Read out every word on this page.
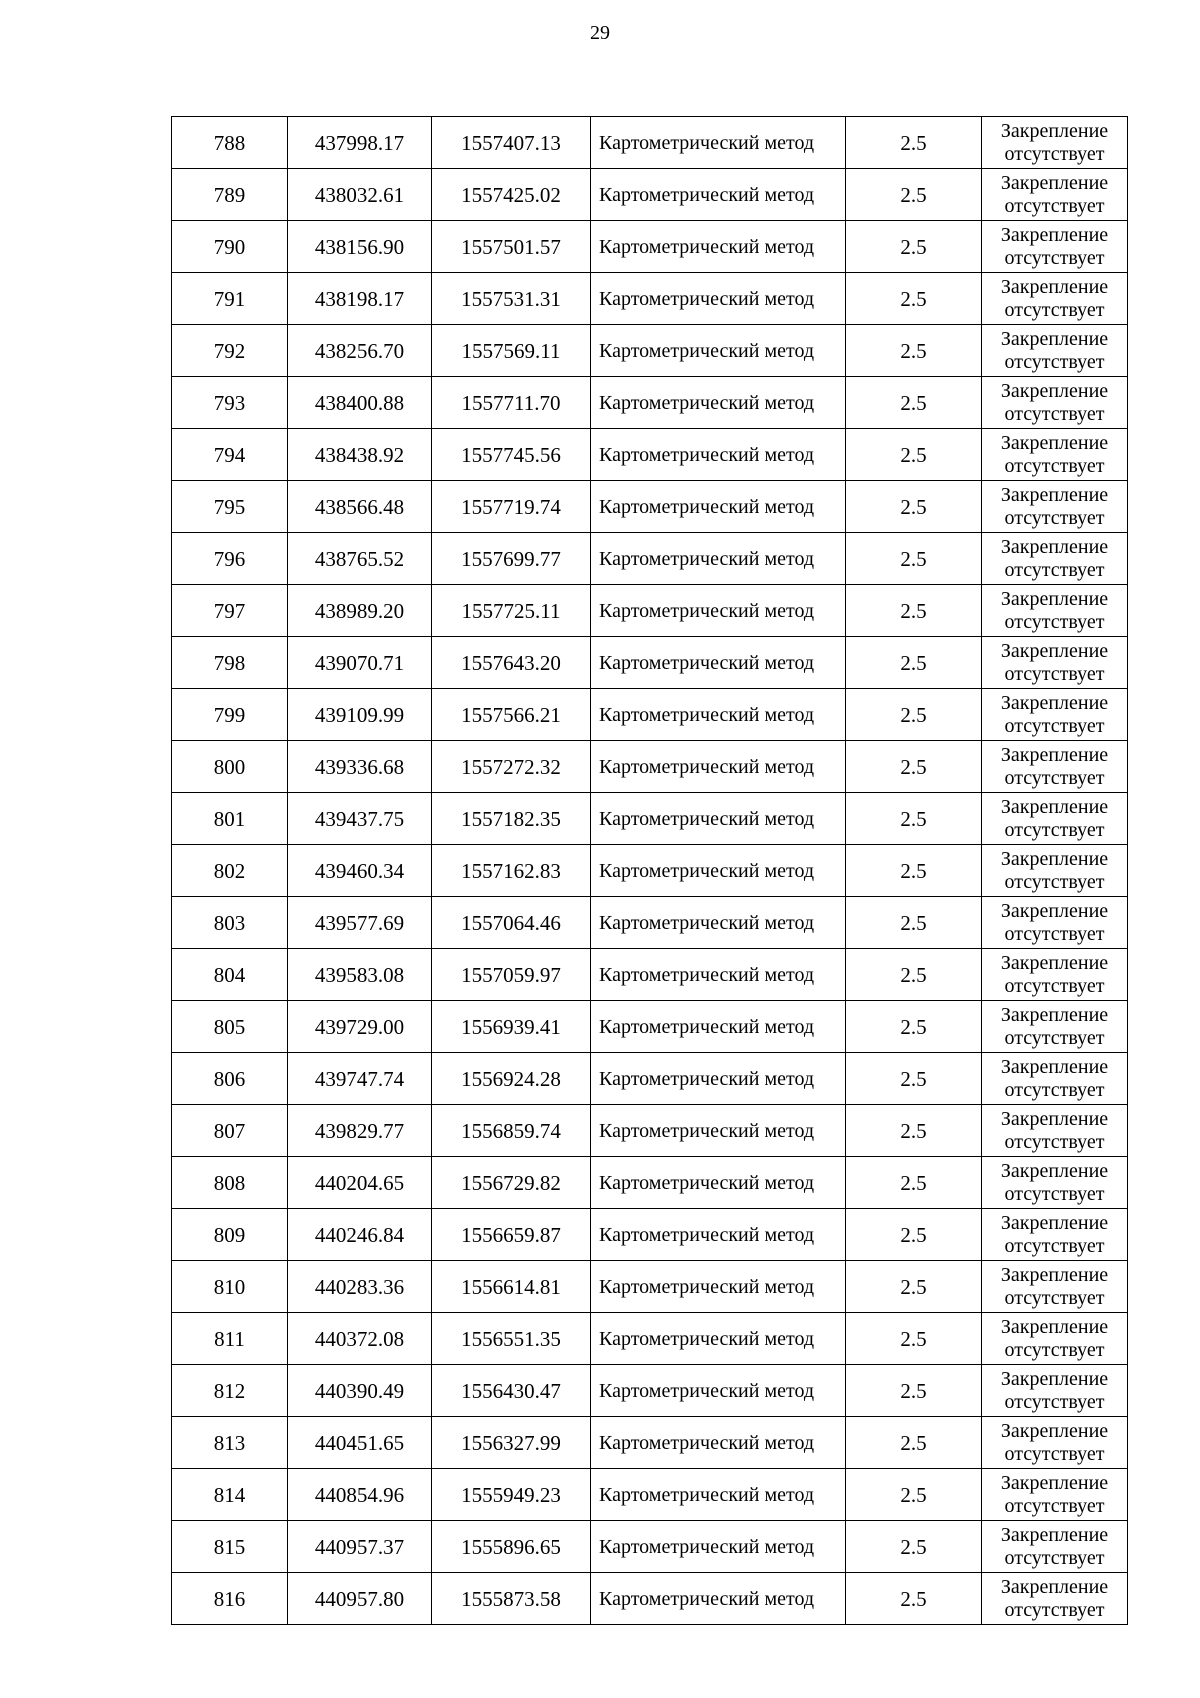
29
788	437998.17	1557407.13	Картометрический метод	2.5	Закрепление
отсутствует

789	438032.61	1557425.02	Картометрический метод	2.5	Закрепление
отсутствует

790	438156.90	1557501.57	Картометрический метод	2.5	Закрепление
отсутствует

791	438198.17	1557531.31	Картометрический метод	2.5	Закрепление
отсутствует

792	438256.70	1557569.11	Картометрический метод	2.5	Закрепление
отсутствует

793	438400.88	1557711.70	Картометрический метод	2.5	Закрепление
отсутствует

794	438438.92	1557745.56	Картометрический метод	2.5	Закрепление
отсутствует

795	438566.48	1557719.74	Картометрический метод	2.5	Закрепление
отсутствует

796	438765.52	1557699.77	Картометрический метод	2.5	Закрепление
отсутствует

797	438989.20	1557725.11	Картометрический метод	2.5	Закрепление
отсутствует

798	439070.71	1557643.20	Картометрический метод	2.5	Закрепление
отсутствует

799	439109.99	1557566.21	Картометрический метод	2.5	Закрепление
отсутствует

800	439336.68	1557272.32	Картометрический метод	2.5	Закрепление
отсутствует

801	439437.75	1557182.35	Картометрический метод	2.5	Закрепление
отсутствует

802	439460.34	1557162.83	Картометрический метод	2.5	Закрепление
отсутствует

803	439577.69	1557064.46	Картометрический метод	2.5	Закрепление
отсутствует

804	439583.08	1557059.97	Картометрический метод	2.5	Закрепление
отсутствует

805	439729.00	1556939.41	Картометрический метод	2.5	Закрепление
отсутствует

806	439747.74	1556924.28	Картометрический метод	2.5	Закрепление
отсутствует

807	439829.77	1556859.74	Картометрический метод	2.5	Закрепление
отсутствует

808	440204.65	1556729.82	Картометрический метод	2.5	Закрепление
отсутствует

809	440246.84	1556659.87	Картометрический метод	2.5	Закрепление
отсутствует

810	440283.36	1556614.81	Картометрический метод	2.5	Закрепление
отсутствует

811	440372.08	1556551.35	Картометрический метод	2.5	Закрепление
отсутствует

812	440390.49	1556430.47	Картометрический метод	2.5	Закрепление
отсутствует

813	440451.65	1556327.99	Картометрический метод	2.5	Закрепление
отсутствует

814	440854.96	1555949.23	Картометрический метод	2.5	Закрепление
отсутствует

815	440957.37	1555896.65	Картометрический метод	2.5	Закрепление
отсутствует

816	440957.80	1555873.58	Картометрический метод	2.5	Закрепление
отсутствует
